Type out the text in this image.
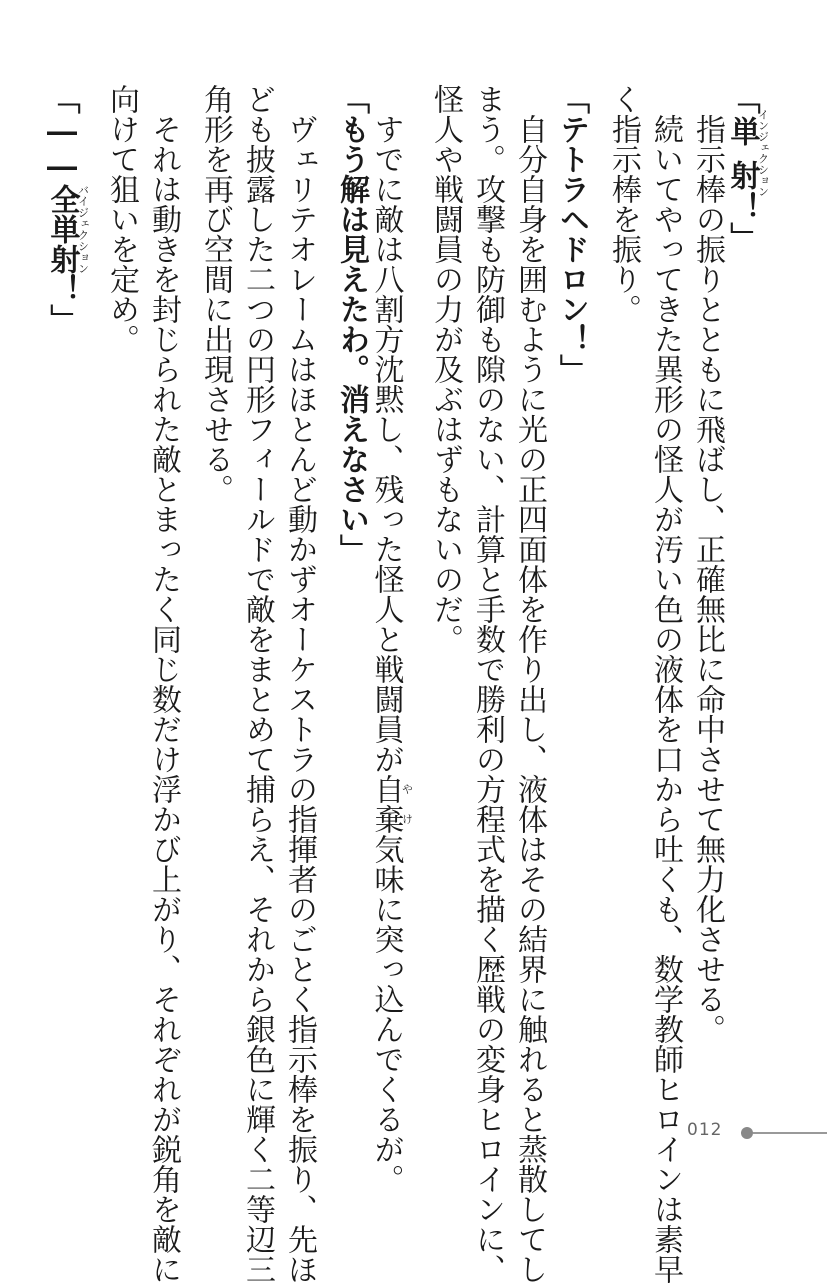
「単射インジェクション！」
　指示棒の振りとともに飛ばし、正確無比に命中させて無力化させる。
　続いてやってきた異形の怪人が汚い色の液体を口から吐くも、数学教師ヒロインは素早
く指示棒を振り。
「テトラヘドロン！」
　自分自身を囲むように光の正四面体を作り出し、液体はその結界に触れると蒸散してし
まう。攻撃も防御も隙のない、計算と手数で勝利の方程式を描く歴戦の変身ヒロインに、
怪人や戦闘員の力が及ぶはずもないのだ。
　すでに敵は八割方沈黙し、残った怪人と戦闘員が自棄やけ気味に突っ込んでくるが。
「もう解は見えたわ。消えなさい」
　ヴェリテオレームはほとんど動かずオーケストラの指揮者のごとく指示棒を振り、先ほ
ども披露した二つの円形フィールドで敵をまとめて捕らえ、それから銀色に輝く二等辺三
角形を再び空間に出現させる。
　それは動きを封じられた敵とまったく同じ数だけ浮かび上がり、それぞれが鋭角を敵に
向けて狙いを定め。
「――全単射バイジェクション！」
012
